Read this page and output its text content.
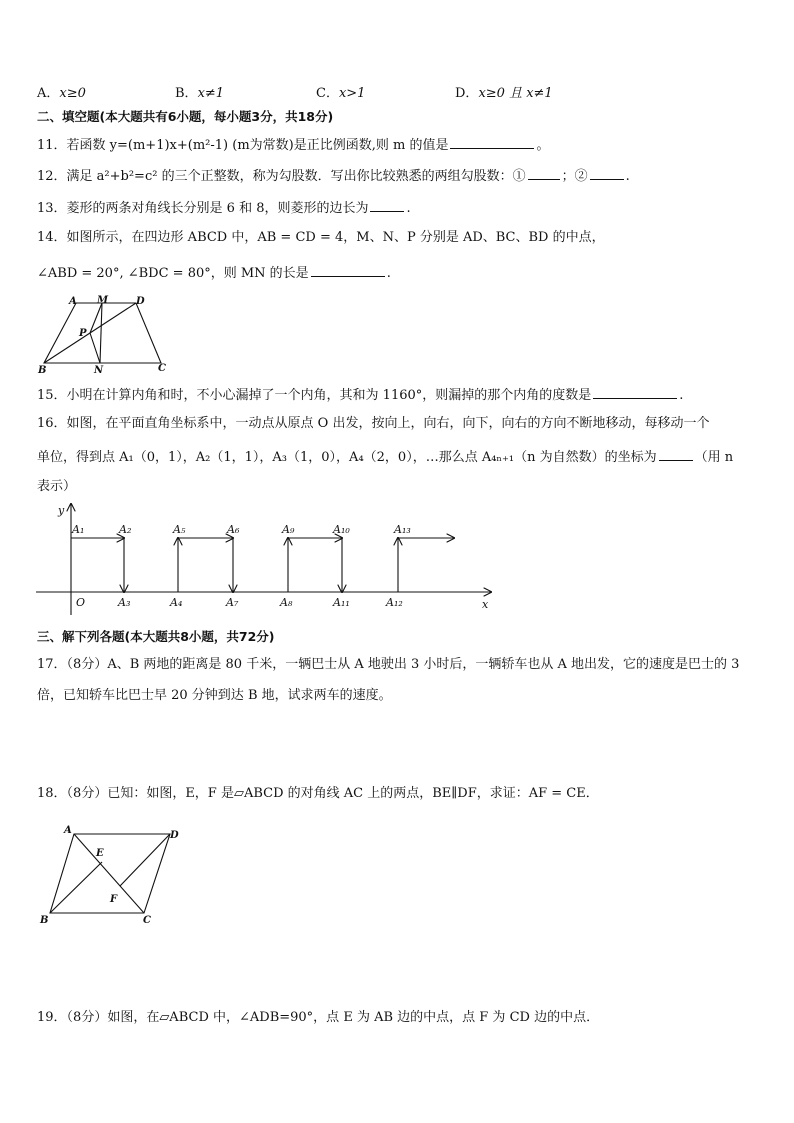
A．x≥0	B．x≠1	C．x>1	D．x≥0 且 x≠1
二、填空题(本大题共有6小题，每小题3分，共18分)
11．若函数 y=(m+1)x+(m²-1) (m为常数)是正比例函数,则 m 的值是	。
12．满足 a²+b²=c² 的三个正整数，称为勾股数．写出你比较熟悉的两组勾股数：①	；②	.
13．菱形的两条对角线长分别是 6 和 8，则菱形的边长为	.
14．如图所示，在四边形 ABCD 中，AB = CD = 4，M、N、P 分别是 AD、BC、BD 的中点，
∠ABD = 20°, ∠BDC = 80°，则 MN 的长是	.
A M	D
P
B	N	C
15．小明在计算内角和时，不小心漏掉了一个内角，其和为 1160°，则漏掉的那个内角的度数是	.
16．如图，在平面直角坐标系中，一动点从原点 O 出发，按向上，向右，向下，向右的方向不断地移动，每移动一个
单位，得到点 A₁（0，1），A₂（1，1），A₃（1，0），A₄（2，0），…那么点 A₄ₙ₊₁（n 为自然数）的坐标为	（用 n
表示）
y
x
O
A₁	A₂	A₅	A₆	A₉	A₁₀	A₁₃
A₃	A₄	A₇	A₈	A₁₁	A₁₂
三、解下列各题(本大题共8小题，共72分)
17．（8分）A、B 两地的距离是 80 千米，一辆巴士从 A 地驶出 3 小时后，一辆轿车也从 A 地出发，它的速度是巴士的 3
倍，已知轿车比巴士早 20 分钟到达 B 地，试求两车的速度。
18．（8分）已知：如图，E，F 是▱ABCD 的对角线 AC 上的两点，BE∥DF，求证：AF = CE．
A	D
E
F
B	C
19．（8分）如图，在▱ABCD 中，∠ADB=90°，点 E 为 AB 边的中点，点 F 为 CD 边的中点．
